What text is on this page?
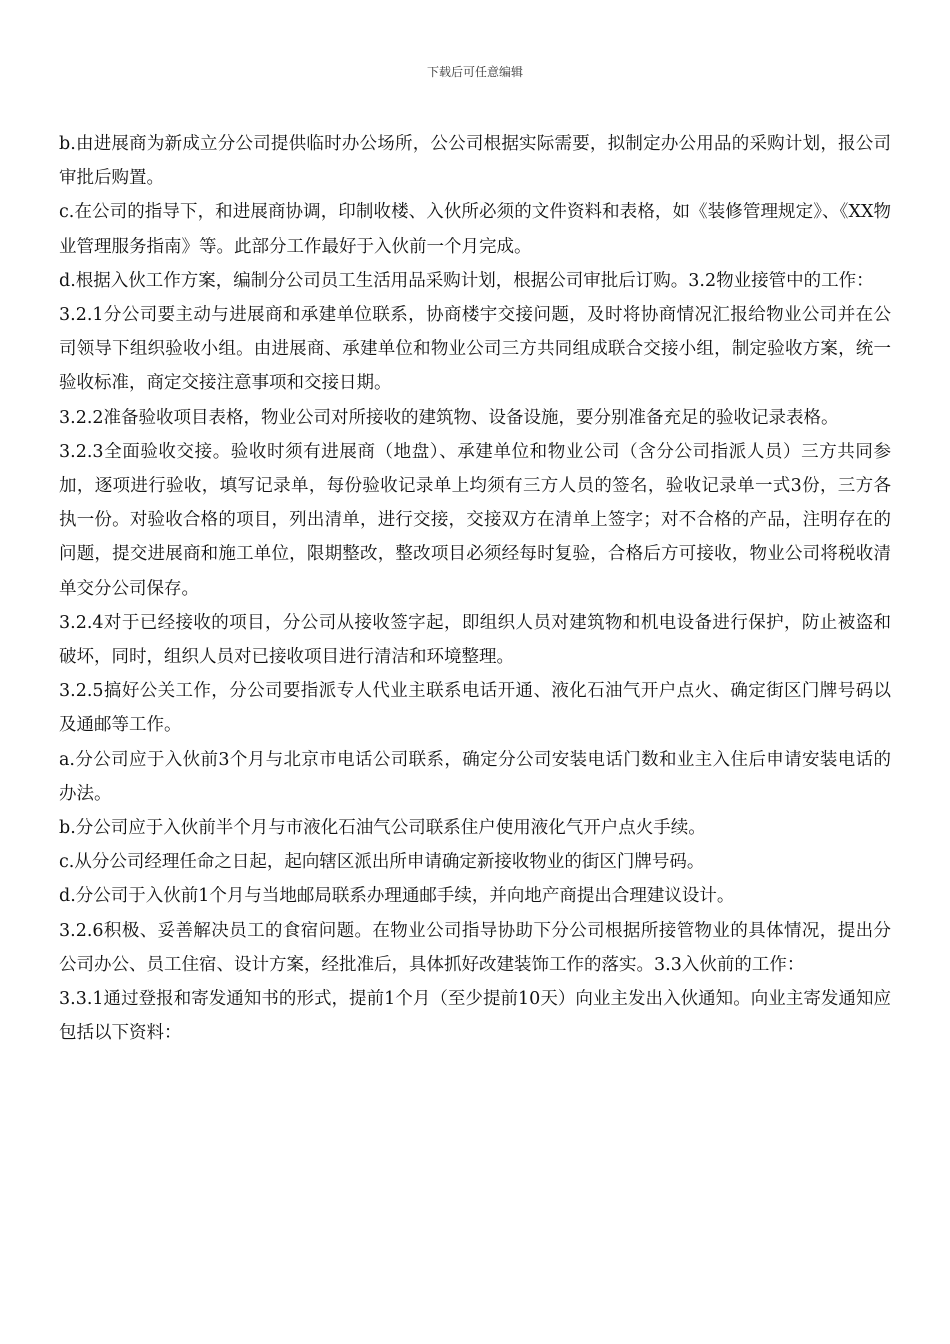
下载后可任意编辑

b.由进展商为新成立分公司提供临时办公场所，公公司根据实际需要，拟制定办公用品的采购计划，报公司审批后购置。

c.在公司的指导下，和进展商协调，印制收楼、入伙所必须的文件资料和表格，如《装修管理规定》、《XX物业管理服务指南》等。此部分工作最好于入伙前一个月完成。

d.根据入伙工作方案，编制分公司员工生活用品采购计划，根据公司审批后订购。3.2物业接管中的工作：

3.2.1分公司要主动与进展商和承建单位联系，协商楼宇交接问题，及时将协商情况汇报给物业公司并在公司领导下组织验收小组。由进展商、承建单位和物业公司三方共同组成联合交接小组，制定验收方案，统一验收标准，商定交接注意事项和交接日期。

3.2.2准备验收项目表格，物业公司对所接收的建筑物、设备设施，要分别准备充足的验收记录表格。

3.2.3全面验收交接。验收时须有进展商（地盘）、承建单位和物业公司（含分公司指派人员）三方共同参加，逐项进行验收，填写记录单，每份验收记录单上均须有三方人员的签名，验收记录单一式3份，三方各执一份。对验收合格的项目，列出清单，进行交接，交接双方在清单上签字；对不合格的产品，注明存在的问题，提交进展商和施工单位，限期整改，整改项目必须经每时复验，合格后方可接收，物业公司将税收清单交分公司保存。

3.2.4对于已经接收的项目，分公司从接收签字起，即组织人员对建筑物和机电设备进行保护，防止被盗和破坏，同时，组织人员对已接收项目进行清洁和环境整理。

3.2.5搞好公关工作，分公司要指派专人代业主联系电话开通、液化石油气开户点火、确定街区门牌号码以及通邮等工作。

a.分公司应于入伙前3个月与北京市电话公司联系，确定分公司安装电话门数和业主入住后申请安装电话的办法。

b.分公司应于入伙前半个月与市液化石油气公司联系住户使用液化气开户点火手续。

c.从分公司经理任命之日起，起向辖区派出所申请确定新接收物业的街区门牌号码。

d.分公司于入伙前1个月与当地邮局联系办理通邮手续，并向地产商提出合理建议设计。

3.2.6积极、妥善解决员工的食宿问题。在物业公司指导协助下分公司根据所接管物业的具体情况，提出分公司办公、员工住宿、设计方案，经批准后，具体抓好改建装饰工作的落实。3.3入伙前的工作：

3.3.1通过登报和寄发通知书的形式，提前1个月（至少提前10天）向业主发出入伙通知。向业主寄发通知应包括以下资料：
